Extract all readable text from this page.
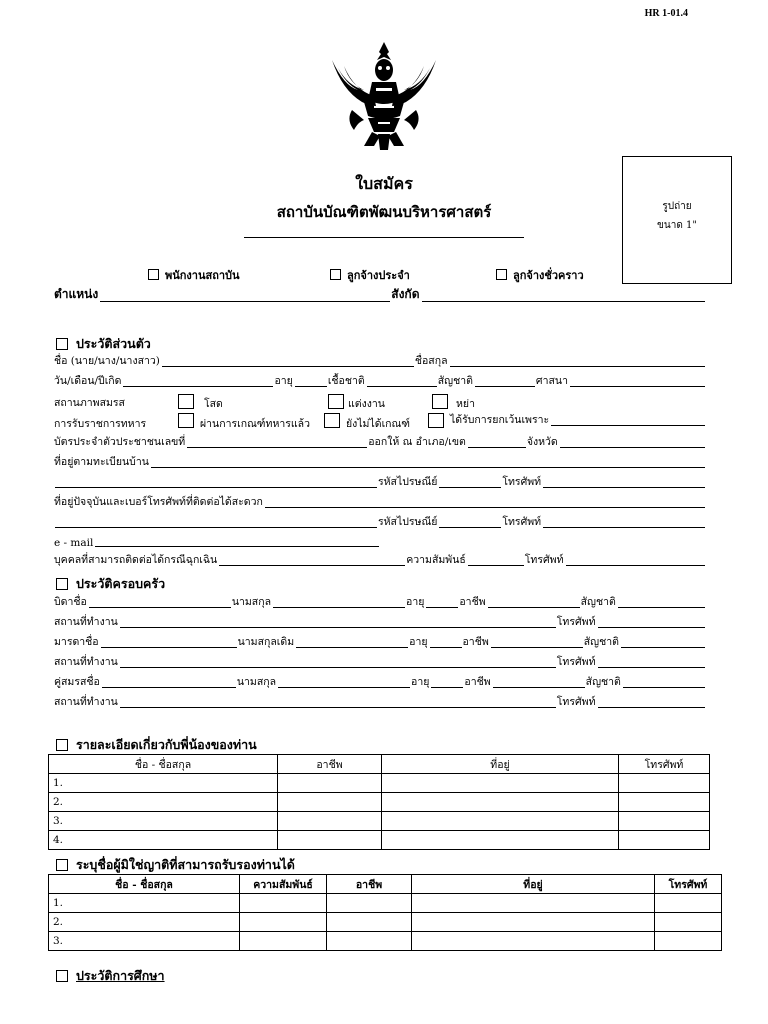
HR 1-01.4
รูปถ่าย
ขนาด 1"
ใบสมัคร
สถาบันบัณฑิตพัฒนบริหารศาสตร์
พนักงานสถาบัน	ลูกจ้างประจำ	ลูกจ้างชั่วคราว
ตำแหน่ง	สังกัด
ประวัติส่วนตัว
ชื่อ (นาย/นาง/นางสาว)	ชื่อสกุล
วัน/เดือน/ปีเกิด	อายุ	เชื้อชาติ	สัญชาติ	ศาสนา
สถานภาพสมรส	โสด	แต่งงาน	หย่า
การรับราชการทหาร	ผ่านการเกณฑ์ทหารแล้ว	ยังไม่ได้เกณฑ์	ได้รับการยกเว้นเพราะ
บัตรประจำตัวประชาชนเลขที่	ออกให้ ณ อำเภอ/เขต	จังหวัด
ที่อยู่ตามทะเบียนบ้าน
รหัสไปรษณีย์	โทรศัพท์
ที่อยู่ปัจจุบันและเบอร์โทรศัพท์ที่ติดต่อได้สะดวก
รหัสไปรษณีย์	โทรศัพท์
e - mail
บุคคลที่สามารถติดต่อได้กรณีฉุกเฉิน	ความสัมพันธ์	โทรศัพท์
ประวัติครอบครัว
บิดาชื่อ	นามสกุล	อายุ	อาชีพ	สัญชาติ
สถานที่ทำงาน	โทรศัพท์
มารดาชื่อ	นามสกุลเดิม	อายุ	อาชีพ	สัญชาติ
สถานที่ทำงาน	โทรศัพท์
คู่สมรสชื่อ	นามสกุล	อายุ	อาชีพ	สัญชาติ
สถานที่ทำงาน	โทรศัพท์
รายละเอียดเกี่ยวกับพี่น้องของท่าน
ชื่อ - ชื่อสกุล	อาชีพ	ที่อยู่	โทรศัพท์
1.			
2.			
3.			
4.			
ระบุชื่อผู้มิใช่ญาติที่สามารถรับรองท่านได้
ชื่อ - ชื่อสกุล	ความสัมพันธ์	อาชีพ	ที่อยู่	โทรศัพท์
1.				
2.				
3.				
ประวัติการศึกษา
